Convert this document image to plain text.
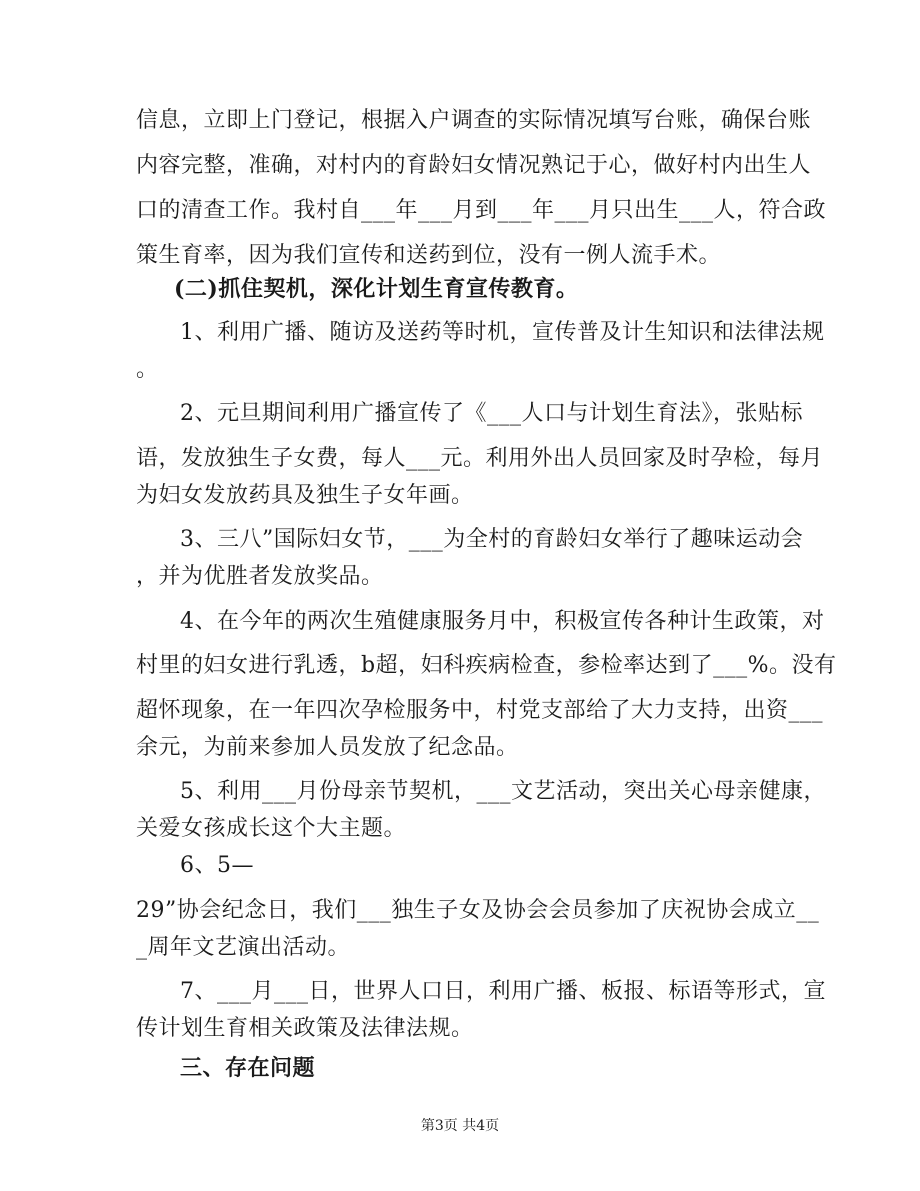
信息，立即上门登记，根据入户调查的实际情况填写台账，确保台账
内容完整，准确，对村内的育龄妇女情况熟记于心，做好村内出生人
口的清查工作。我村自___年___月到___年___月只出生___人，符合政
策生育率，因为我们宣传和送药到位，没有一例人流手术。
(二)抓住契机，深化计划生育宣传教育。
1、利用广播、随访及送药等时机，宣传普及计生知识和法律法规
。
2、元旦期间利用广播宣传了《___人口与计划生育法》，张贴标
语，发放独生子女费，每人___元。利用外出人员回家及时孕检，每月
为妇女发放药具及独生子女年画。
3、三八”国际妇女节，___为全村的育龄妇女举行了趣味运动会
，并为优胜者发放奖品。
4、在今年的两次生殖健康服务月中，积极宣传各种计生政策，对
村里的妇女进行乳透，b超，妇科疾病检查，参检率达到了___%。没有
超怀现象，在一年四次孕检服务中，村党支部给了大力支持，出资___
余元，为前来参加人员发放了纪念品。
5、利用___月份母亲节契机，___文艺活动，突出关心母亲健康，
关爱女孩成长这个大主题。
6、5—
29”协会纪念日，我们___独生子女及协会会员参加了庆祝协会成立__
_周年文艺演出活动。
7、___月___日，世界人口日，利用广播、板报、标语等形式，宣
传计划生育相关政策及法律法规。
三、存在问题
第3页 共4页
